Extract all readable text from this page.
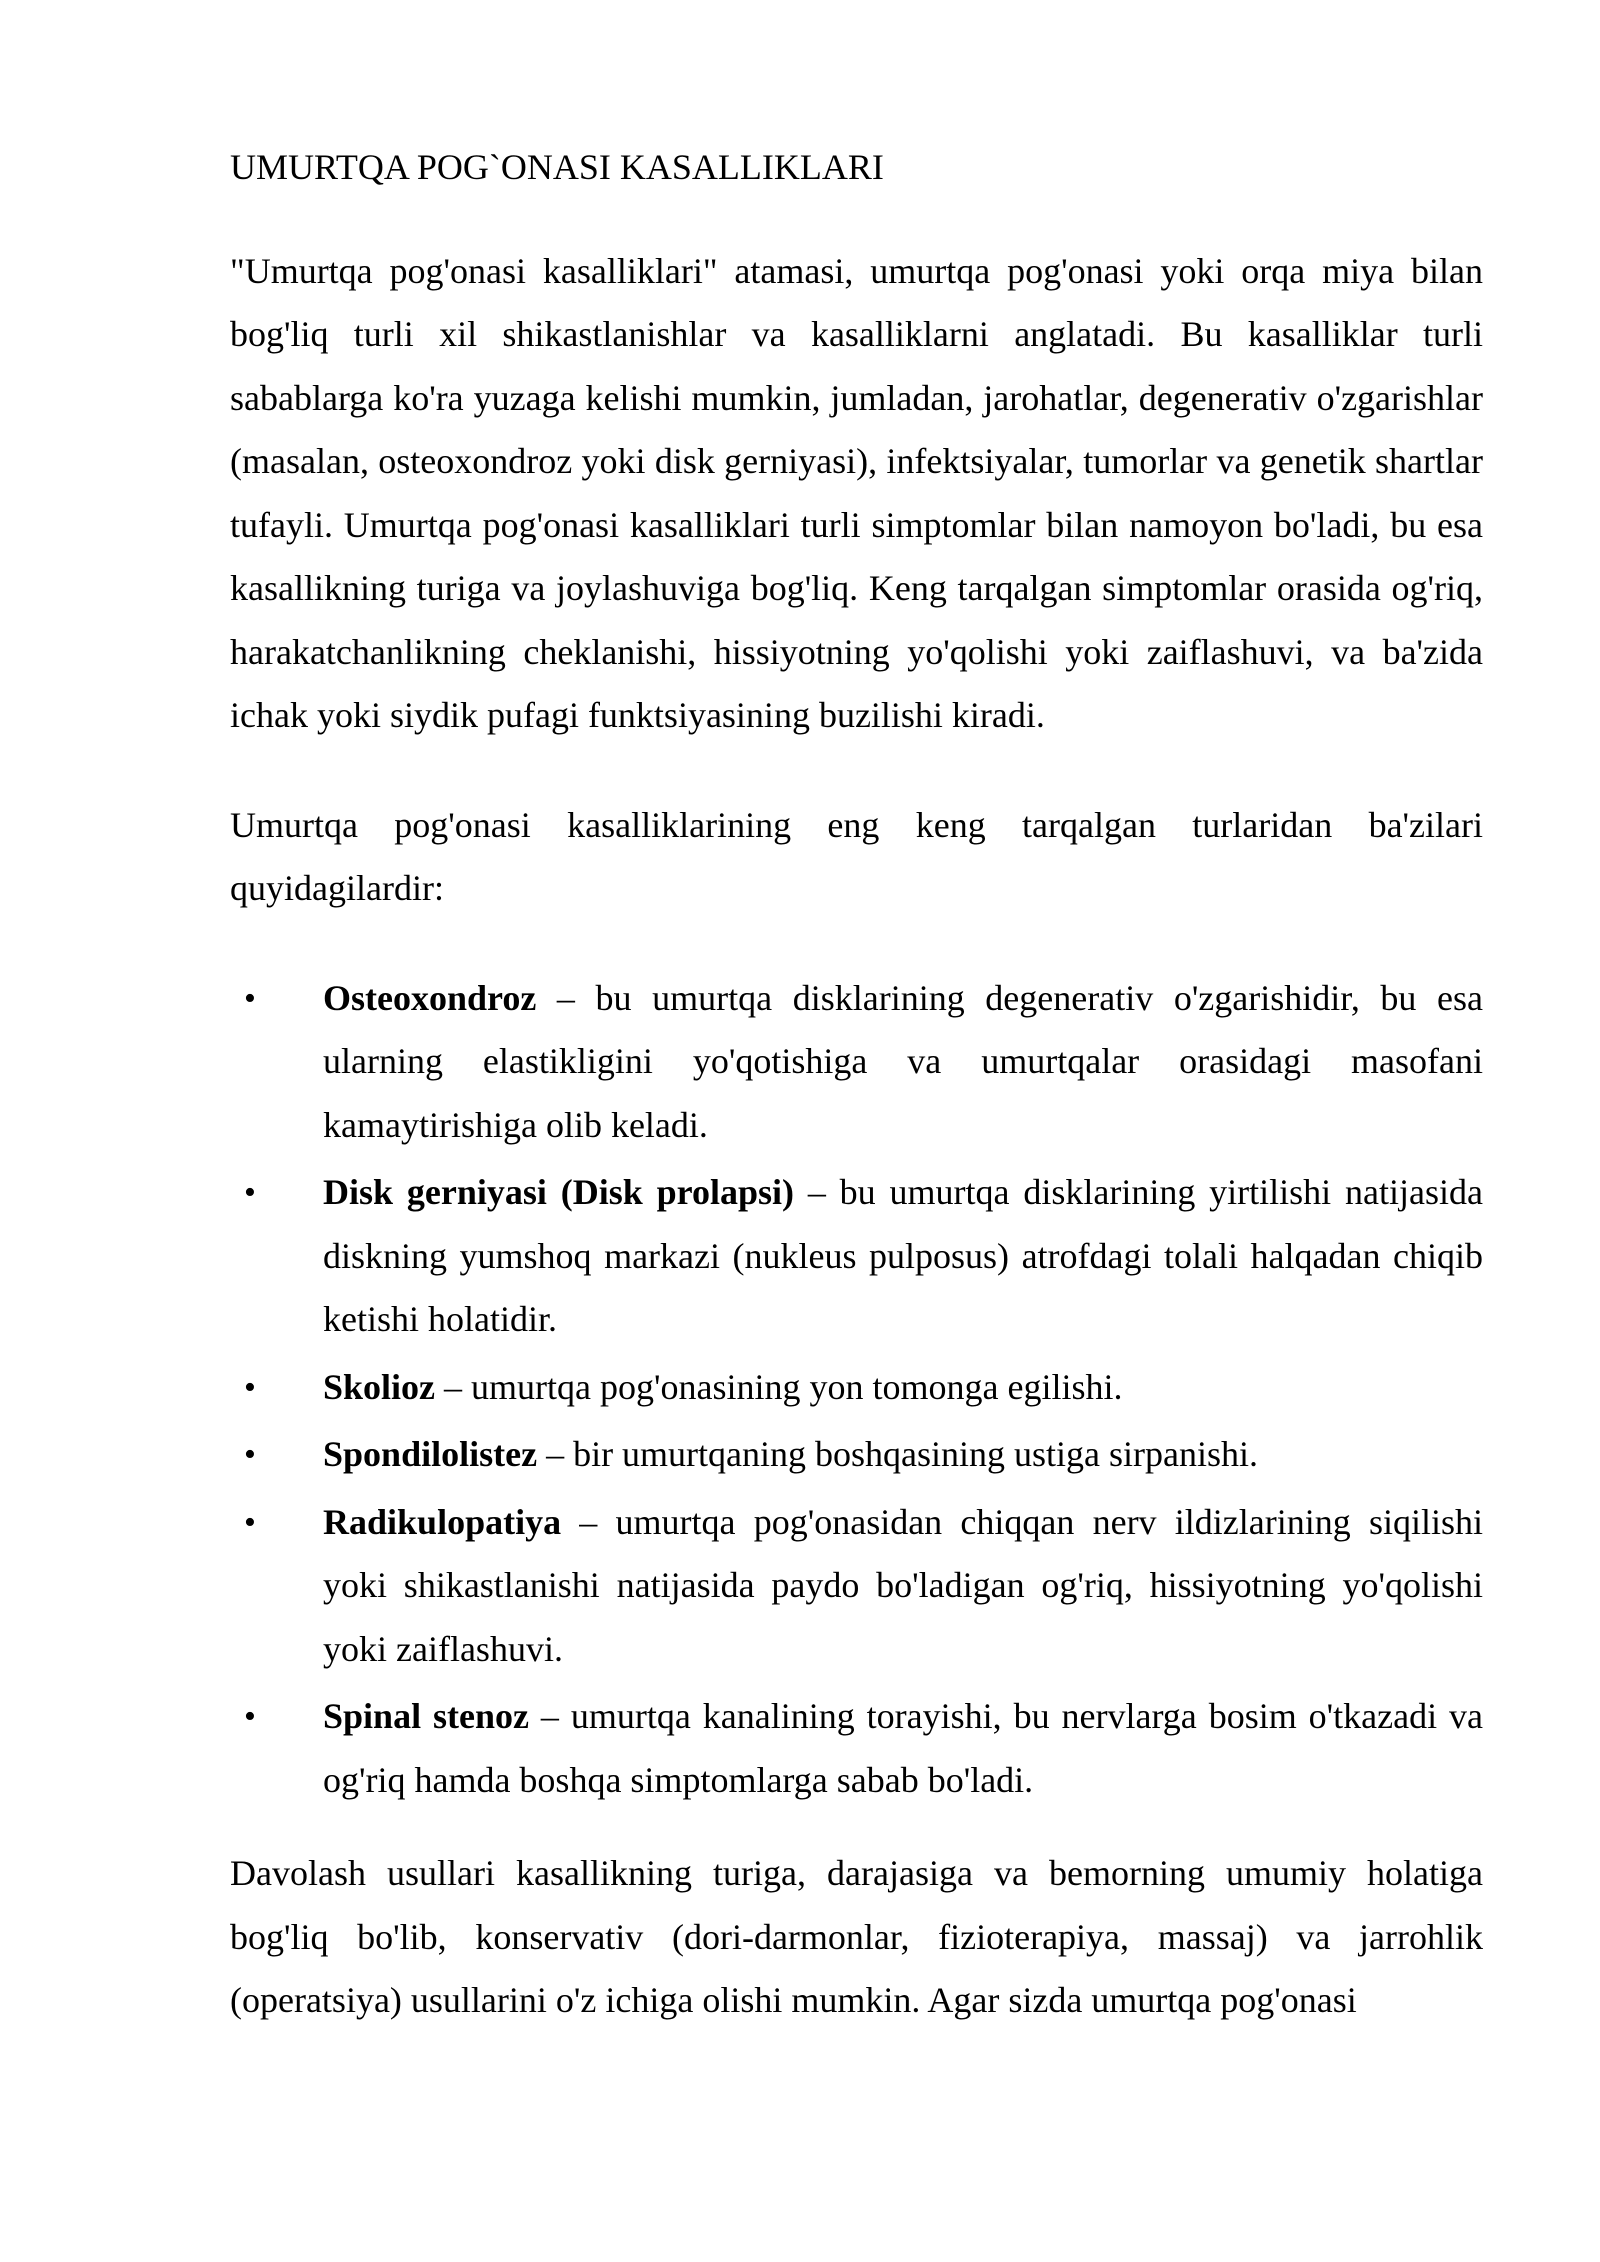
UMURTQA POG`ONASI KASALLIKLARI

"Umurtqa pog'onasi kasalliklari" atamasi, umurtqa pog'onasi yoki orqa miya bilan bog'liq turli xil shikastlanishlar va kasalliklarni anglatadi. Bu kasalliklar turli sabablarga ko'ra yuzaga kelishi mumkin, jumladan, jarohatlar, degenerativ o'zgarishlar (masalan, osteoxondroz yoki disk gerniyasi), infektsiyalar, tumorlar va genetik shartlar tufayli. Umurtqa pog'onasi kasalliklari turli simptomlar bilan namoyon bo'ladi, bu esa kasallikning turiga va joylashuviga bog'liq. Keng tarqalgan simptomlar orasida og'riq, harakatchanlikning cheklanishi, hissiyotning yo'qolishi yoki zaiflashuvi, va ba'zida ichak yoki siydik pufagi funktsiyasining buzilishi kiradi.

Umurtqa pog'onasi kasalliklarining eng keng tarqalgan turlaridan ba'zilari quyidagilardir:

• Osteoxondroz – bu umurtqa disklarining degenerativ o'zgarishidir, bu esa ularning elastikligini yo'qotishiga va umurtqalar orasidagi masofani kamaytirishiga olib keladi.
• Disk gerniyasi (Disk prolapsi) – bu umurtqa disklarining yirtilishi natijasida diskning yumshoq markazi (nukleus pulposus) atrofdagi tolali halqadan chiqib ketishi holatidir.
• Skolioz – umurtqa pog'onasining yon tomonga egilishi.
• Spondilolistez – bir umurtqaning boshqasining ustiga sirpanishi.
• Radikulopatiya – umurtqa pog'onasidan chiqqan nerv ildizlarining siqilishi yoki shikastlanishi natijasida paydo bo'ladigan og'riq, hissiyotning yo'qolishi yoki zaiflashuvi.
• Spinal stenoz – umurtqa kanalining torayishi, bu nervlarga bosim o'tkazadi va og'riq hamda boshqa simptomlarga sabab bo'ladi.

Davolash usullari kasallikning turiga, darajasiga va bemorning umumiy holatiga bog'liq bo'lib, konservativ (dori-darmonlar, fizioterapiya, massaj) va jarrohlik (operatsiya) usullarini o'z ichiga olishi mumkin. Agar sizda umurtqa pog'onasi
